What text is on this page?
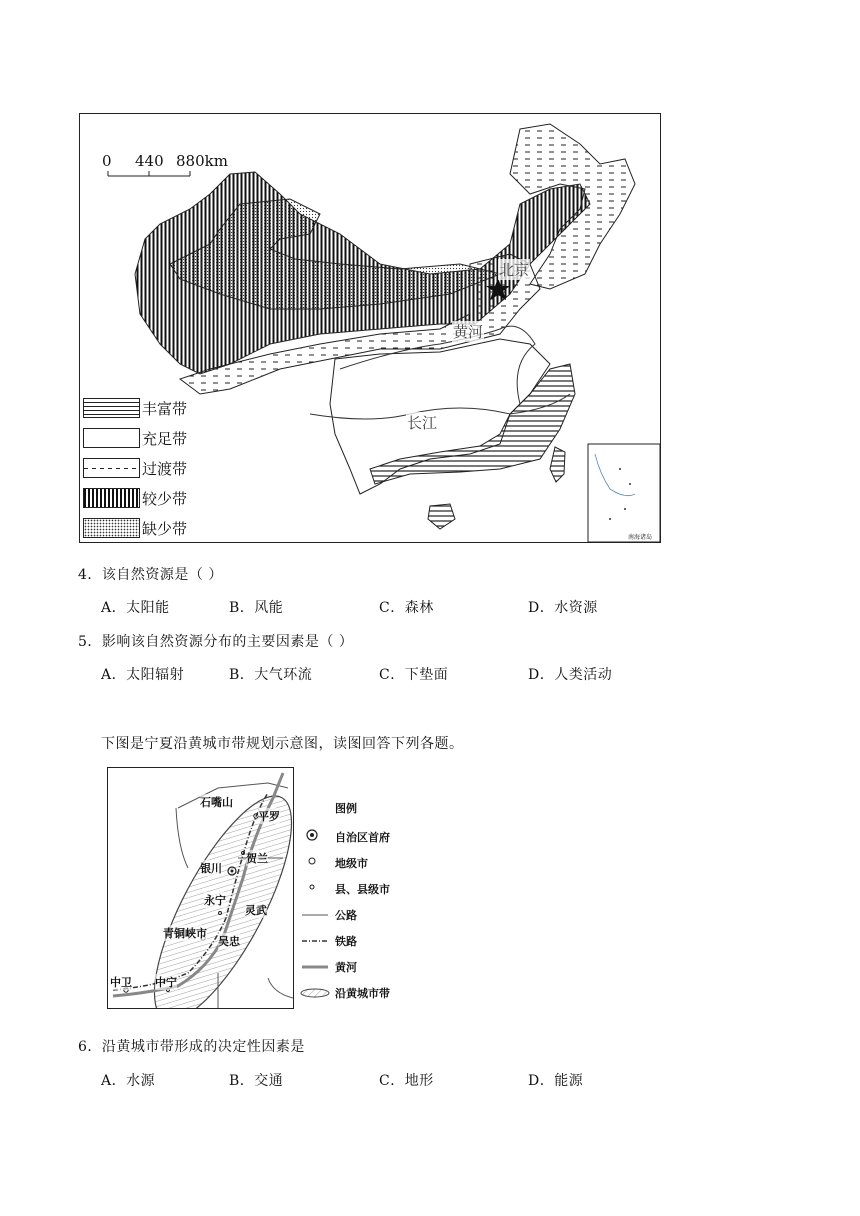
0 440 880km
北京
黄河
长江
南海诸岛
丰富带
充足带
过渡带
较少带
缺少带
4．该自然资源是（ ）
A．太阳能	B．风能	C．森林	D．水资源
5．影响该自然资源分布的主要因素是（ ）
A．太阳辐射	B．大气环流	C．下垫面	D．人类活动
下图是宁夏沿黄城市带规划示意图，读图回答下列各题。
石嘴山
平罗
银川
贺兰
永宁
灵武
青铜峡市
吴忠
中卫 中宁
图例
自治区首府
地级市
县、县级市
公路
铁路
黄河
沿黄城市带
6．沿黄城市带形成的决定性因素是
A．水源	B．交通	C．地形	D．能源
